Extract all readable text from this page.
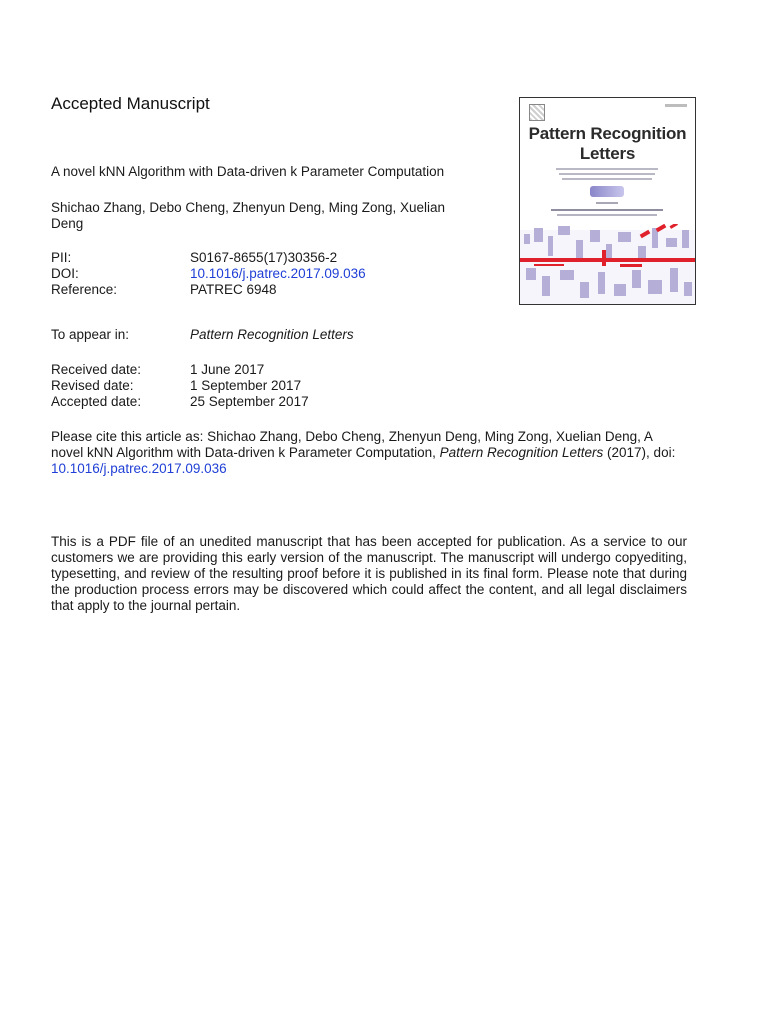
Accepted Manuscript
A novel kNN Algorithm with Data-driven k Parameter Computation
Shichao Zhang, Debo Cheng, Zhenyun Deng, Ming Zong, Xuelian Deng
PII:	S0167-8655(17)30356-2
DOI:	10.1016/j.patrec.2017.09.036
Reference:	PATREC 6948
To appear in:	Pattern Recognition Letters
Received date:	1 June 2017
Revised date:	1 September 2017
Accepted date:	25 September 2017
Please cite this article as: Shichao Zhang, Debo Cheng, Zhenyun Deng, Ming Zong, Xuelian Deng, A novel kNN Algorithm with Data-driven k Parameter Computation, Pattern Recognition Letters (2017), doi: 10.1016/j.patrec.2017.09.036
This is a PDF file of an unedited manuscript that has been accepted for publication. As a service to our customers we are providing this early version of the manuscript. The manuscript will undergo copyediting, typesetting, and review of the resulting proof before it is published in its final form. Please note that during the production process errors may be discovered which could affect the content, and all legal disclaimers that apply to the journal pertain.
Pattern Recognition Letters
